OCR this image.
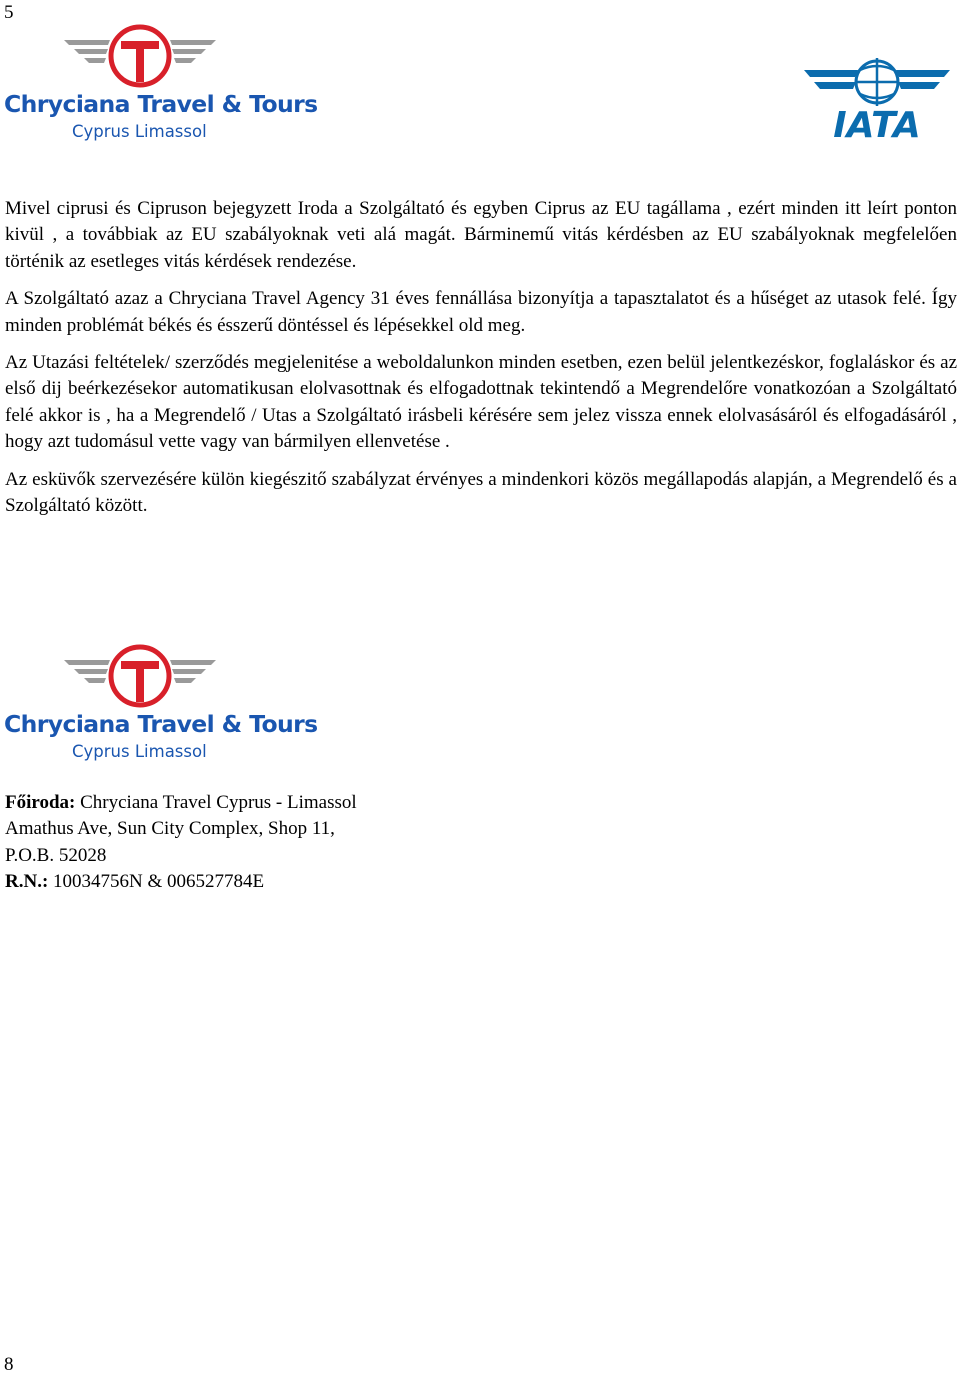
5
Chryciana Travel & Tours
Cyprus Limassol	IATA

Mivel ciprusi és Cipruson bejegyzett Iroda a Szolgáltató és egyben Ciprus az EU tagállama , ezért minden itt leírt ponton kivül , a továbbiak az EU szabályoknak veti alá magát. Bárminemű vitás kérdésben az EU szabályoknak megfelelően történik az esetleges vitás kérdések rendezése.

A Szolgáltató azaz a Chryciana Travel Agency 31 éves fennállása bizonyítja a tapasztalatot és a hűséget az utasok felé. Így minden problémát békés és ésszerű döntéssel és lépésekkel old meg.

Az Utazási feltételek/ szerződés megjelenitése a weboldalunkon minden esetben, ezen belül jelentkezéskor, foglaláskor és az első dij beérkezésekor automatikusan elolvasottnak és elfogadottnak tekintendő a Megrendelőre vonatkozóan a Szolgáltató felé akkor is , ha a Megrendelő / Utas a Szolgáltató irásbeli kérésére sem jelez vissza ennek elolvasásáról és elfogadásáról , hogy azt tudomásul vette vagy van bármilyen ellenvetése .

Az esküvők szervezésére külön kiegészitő szabályzat érvényes a mindenkori közös megállapodás alapján, a Megrendelő és a Szolgáltató között.

Chryciana Travel & Tours
Cyprus Limassol
Főiroda: Chryciana Travel Cyprus - Limassol
Amathus Ave, Sun City Complex, Shop 11,
P.O.B. 52028
R.N.: 10034756N & 006527784E
8
